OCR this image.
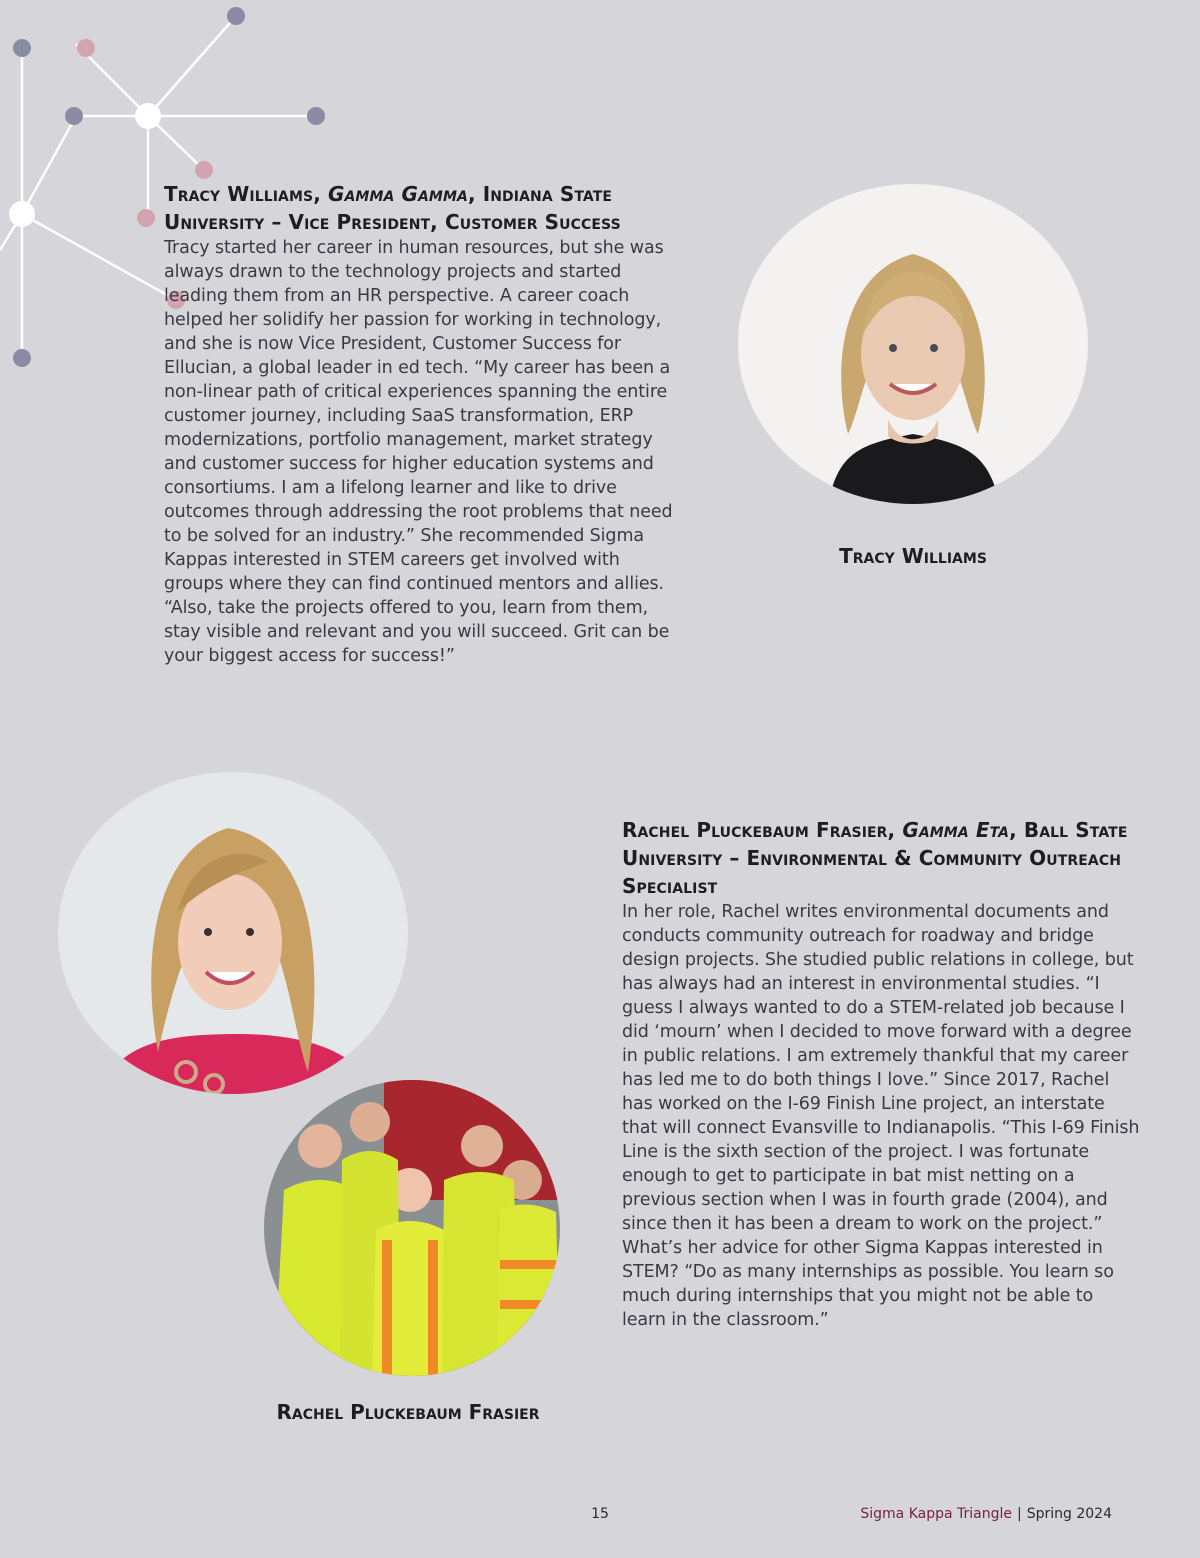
Tracy Williams, Gamma Gamma, Indiana State University – Vice President, Customer Success

Tracy started her career in human resources, but she was always drawn to the technology projects and started leading them from an HR perspective. A career coach helped her solidify her passion for working in technology, and she is now Vice President, Customer Success for Ellucian, a global leader in ed tech. “My career has been a non-linear path of critical experiences spanning the entire customer journey, including SaaS transformation, ERP modernizations, portfolio management, market strategy and customer success for higher education systems and consortiums. I am a lifelong learner and like to drive outcomes through addressing the root problems that need to be solved for an industry.” She recommended Sigma Kappas interested in STEM careers get involved with groups where they can find continued mentors and allies. “Also, take the projects offered to you, learn from them, stay visible and relevant and you will succeed. Grit can be your biggest access for success!”

Tracy Williams

Rachel Pluckebaum Frasier

Rachel Pluckebaum Frasier, Gamma Eta, Ball State University – Environmental & Community Outreach Specialist

In her role, Rachel writes environmental documents and conducts community outreach for roadway and bridge design projects. She studied public relations in college, but has always had an interest in environmental studies. “I guess I always wanted to do a STEM-related job because I did ‘mourn’ when I decided to move forward with a degree in public relations. I am extremely thankful that my career has led me to do both things I love.” Since 2017, Rachel has worked on the I-69 Finish Line project, an interstate that will connect Evansville to Indianapolis. “This I-69 Finish Line is the sixth section of the project. I was fortunate enough to get to participate in bat mist netting on a previous section when I was in fourth grade (2004), and since then it has been a dream to work on the project.” What’s her advice for other Sigma Kappas interested in STEM? “Do as many internships as possible. You learn so much during internships that you might not be able to learn in the classroom.”

15	Sigma Kappa Triangle | Spring 2024
